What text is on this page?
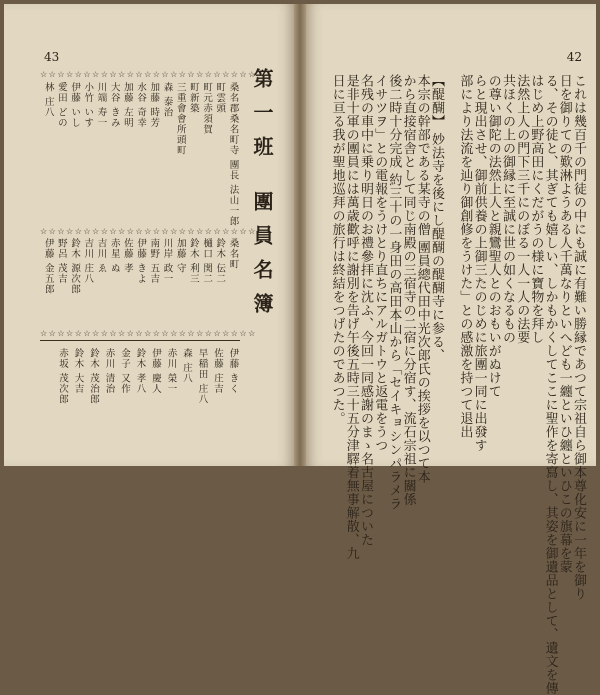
43
第一班 團員名簿
☆☆☆☆☆☆☆☆☆☆☆☆☆☆☆☆☆☆☆☆☆☆☆☆☆
桑名郡桑名町寺 團長 法山一郎
町雲頭
町元赤須賀
町新築
三重會會所頭町
森 泰治
加藤 時芳
水谷 奇幸
加藤 左明
大谷 きみ
川端 寿一
小竹 いす
伊藤 いし
愛田 どの
林 庄八
☆☆☆☆☆☆☆☆☆☆☆☆☆☆☆☆☆☆☆☆☆☆☆☆☆
桑名町
鈴木 伝二
樋口 関二
鈴木 利三
加藤 守
川岸 政一
南野 五吉
伊藤 きよ
佐藤 孝
赤星 ぬ
吉川 ゑ
吉川 庄八
鈴木 源次郎
野呂 茂吉
伊藤 金五郎
☆☆☆☆☆☆☆☆☆☆☆☆☆☆☆☆☆☆☆☆☆☆☆☆☆
伊藤 きく
佐藤 庄吉
早稲田 庄八
森 庄八
赤川 榮一
伊藤 慶人
鈴木 孝八
金子 又作
赤川 清治
鈴木 茂治郎
鈴木 大吉
赤坂 茂次郎
42
これは幾百千の門徒の中にも誠に有難い勝縁であつて宗祖自ら御本尊化安に一年を御り
日を御りての歎淋ようある人千萬なりといへども一纏といひ纏といひこの旗幕を蒙
る、その徒と、其ぎても嬉しい、しかもかくしてここに聖作を寄寫し、其姿を御遺品として、遺文を傳
はじめ上野高田にくだがうの様に寶物を拜し
法然上人の門下三千にのぼる一人一人の法要
共ほくの上の御縁に至誠に世の如くなるもの
の尊い御陀の法然上人と親鸞聖人とのおもいがぬけて
らと現出させ、御前供養の上御三たのじめに旅團一同に出發す
部により法流を辿り御創修をうけた」との感激を持つて退出
【醍醐】 妙法寺を後にし醍醐の醍醐寺に参る、
本宗の幹部である某寺の僧 團員總代田中光次郎氏の挨拶を以つて本
から直接宿舎として同じ南殿の三宿寺の二宿に分宿す、流石宗祖に關係
後二時十分完成 約三十の一身田の高田本山から「セイキョシンパラメラ
イサツヲ」との電報をうけとり直ちにアルガトウと返電をうつ
名残の車中に乗り明日のお禮參拝に沈ふ、今回一同感謝のまゝ名古屋についた
是非十軍の團員には萬歳歡呼に謝別を告げ午後五時三十五分津驛着無事解散、九
日に亘る我が聖地巡拜の旅行は終結をつげたのであつた。
